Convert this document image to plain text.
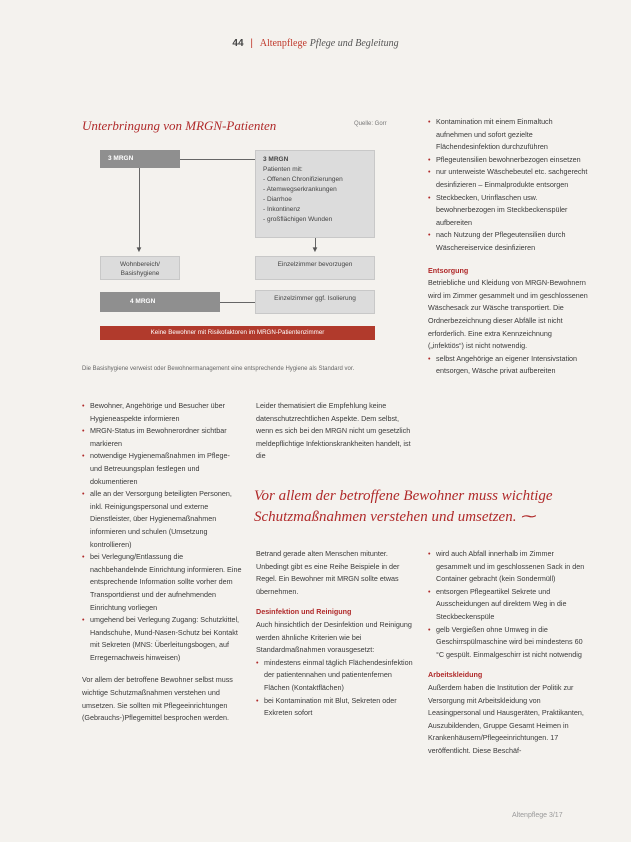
44 | Altenpflege Pflege und Begleitung
Unterbringung von MRGN-Patienten	Quelle: Gorr
3 MRGN	3 MRGN
Patienten mit:
- Offenen Chronifizierungen
- Atemwegserkrankungen
- Diarrhoe
- Inkontinenz
- großflächigen Wunden
▼	▼
Wohnbereich/ Basishygiene
Einzelzimmer bevorzugen
4 MRGN	Einzelzimmer ggf. Isolierung
Keine Bewohner mit Risikofaktoren im MRGN-Patientenzimmer
Die Basishygiene verweist oder Bewohnermanagement eine entsprechende Hygiene als Standard vor.
• Bewohner, Angehörige und Besucher über Hygieneaspekte informieren
• MRGN-Status im Bewohnerordner sichtbar markieren
• notwendige Hygienemaßnahmen im Pflege- und Betreuungsplan festlegen und dokumentieren
• alle an der Versorgung beteiligten Personen, inkl. Reinigungspersonal und externe Dienstleister, über Hygienemaßnahmen informieren und schulen (Umsetzung kontrollieren)
• bei Verlegung/Entlassung die nachbehandelnde Einrichtung informieren. Eine entsprechende Information sollte vorher dem Transportdienst und der aufnehmenden Einrichtung vorliegen
• umgehend bei Verlegung Zugang: Schutzkittel, Handschuhe, Mund-Nasen-Schutz bei Kontakt mit Sekreten (MNS: Überleitungsbogen, auf Erregernachweis hinweisen)

Vor allem der betroffene Bewohner selbst muss wichtige Schutzmaßnahmen verstehen und umsetzen. Sie sollten mit Pflegeeinrichtungen (Gebrauchs-)Pflegemittel besprochen werden.

Leider thematisiert die Empfehlung keine datenschutzrechtlichen Aspekte. Dem selbst, wenn es sich bei den MRGN nicht um gesetzlich meldepflichtige Infektionskrankheiten handelt, ist die
Vor allem der betroffene Bewohner muss wichtige Schutzmaßnahmen verstehen und umsetzen. ⁓

Betrand gerade alten Menschen mitunter. Unbedingt gibt es eine Reihe Beispiele in der Regel. Ein Bewohner mit MRGN sollte etwas übernehmen.

Desinfektion und Reinigung

Auch hinsichtlich der Desinfektion und Reinigung werden ähnliche Kriterien wie bei Standardmaßnahmen vorausgesetzt:

• mindestens einmal täglich Flächendesinfektion der patientennahen und patientenfernen Flächen (Kontaktflächen)
• bei Kontamination mit Blut, Sekreten oder Exkreten sofort
• Kontamination mit einem Einmaltuch aufnehmen und sofort gezielte Flächendesinfektion durchzuführen
• Pflegeutensilien bewohnerbezogen einsetzen
• nur unterweiste Wäschebeutel etc. sachgerecht desinfizieren – Einmalprodukte entsorgen
• Steckbecken, Urinflaschen usw. bewohnerbezogen im Steckbeckenspüler aufbereiten
• nach Nutzung der Pflegeutensilien durch Wäschereiservice desinfizieren
Entsorgung

Betriebliche und Kleidung von MRGN-Bewohnern wird im Zimmer gesammelt und im geschlossenen Wäschesack zur Wäsche transportiert. Die Ordnerbezeichnung dieser Abfälle ist nicht erforderlich. Eine extra Kennzeichnung („infektiös“) ist nicht notwendig.

• selbst Angehörige an eigener Intensivstation entsorgen, Wäsche privat aufbereiten
• wird auch Abfall innerhalb im Zimmer gesammelt und im geschlossenen Sack in den Container gebracht (kein Sondermüll)
• entsorgen Pflegeartikel Sekrete und Ausscheidungen auf direktem Weg in die Steckbeckenspüle
• gelb Vergießen ohne Umweg in die Geschirrspülmaschine wird bei mindestens 60 °C gespült. Einmalgeschirr ist nicht notwendig
Arbeitskleidung

Außerdem haben die Institution der Politik zur Versorgung mit Arbeitskleidung von Leasingpersonal und Hausgeräten, Praktikanten, Auszubildenden, Gruppe Gesamt Heimen in Krankenhäusern/Pflegeeinrichtungen. 17 veröffentlicht. Diese Beschäf-

Altenpflege 3/17
